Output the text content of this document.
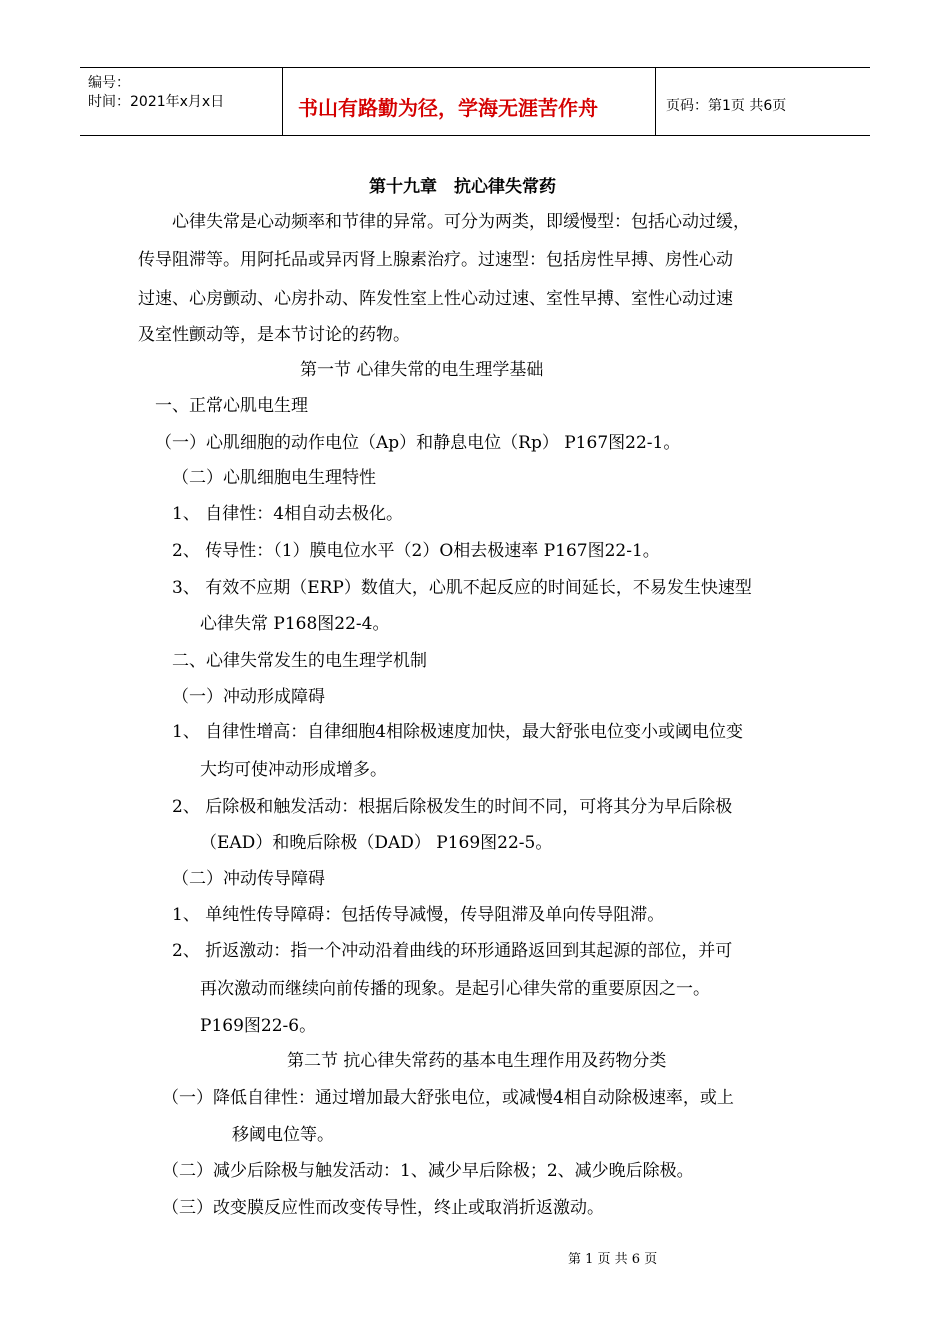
编号：
时间：2021年x月x日	书山有路勤为径，学海无涯苦作舟	页码：第1页 共6页
第十九章　抗心律失常药
心律失常是心动频率和节律的异常。可分为两类，即缓慢型：包括心动过缓，
传导阻滞等。用阿托品或异丙肾上腺素治疗。过速型：包括房性早搏、房性心动
过速、心房颤动、心房扑动、阵发性室上性心动过速、室性早搏、室性心动过速
及室性颤动等，是本节讨论的药物。
第一节 心律失常的电生理学基础
一、正常心肌电生理
（一）心肌细胞的动作电位（Ap）和静息电位（Rp） P167图22-1。
（二）心肌细胞电生理特性
1、 自律性：4相自动去极化。
2、 传导性：（1）膜电位水平（2）O相去极速率 P167图22-1。
3、 有效不应期（ERP）数值大，心肌不起反应的时间延长，不易发生快速型
心律失常 P168图22-4。
二、心律失常发生的电生理学机制
（一）冲动形成障碍
1、 自律性增高：自律细胞4相除极速度加快，最大舒张电位变小或阈电位变
大均可使冲动形成增多。
2、 后除极和触发活动：根据后除极发生的时间不同，可将其分为早后除极
（EAD）和晚后除极（DAD） P169图22-5。
（二）冲动传导障碍
1、 单纯性传导障碍：包括传导减慢，传导阻滞及单向传导阻滞。
2、 折返激动：指一个冲动沿着曲线的环形通路返回到其起源的部位，并可
再次激动而继续向前传播的现象。是起引心律失常的重要原因之一。
P169图22-6。
第二节 抗心律失常药的基本电生理作用及药物分类
（一）降低自律性：通过增加最大舒张电位，或减慢4相自动除极速率，或上
移阈电位等。
（二）减少后除极与触发活动：1、减少早后除极；2、减少晚后除极。
（三）改变膜反应性而改变传导性，终止或取消折返激动。
第 1 页 共 6 页
